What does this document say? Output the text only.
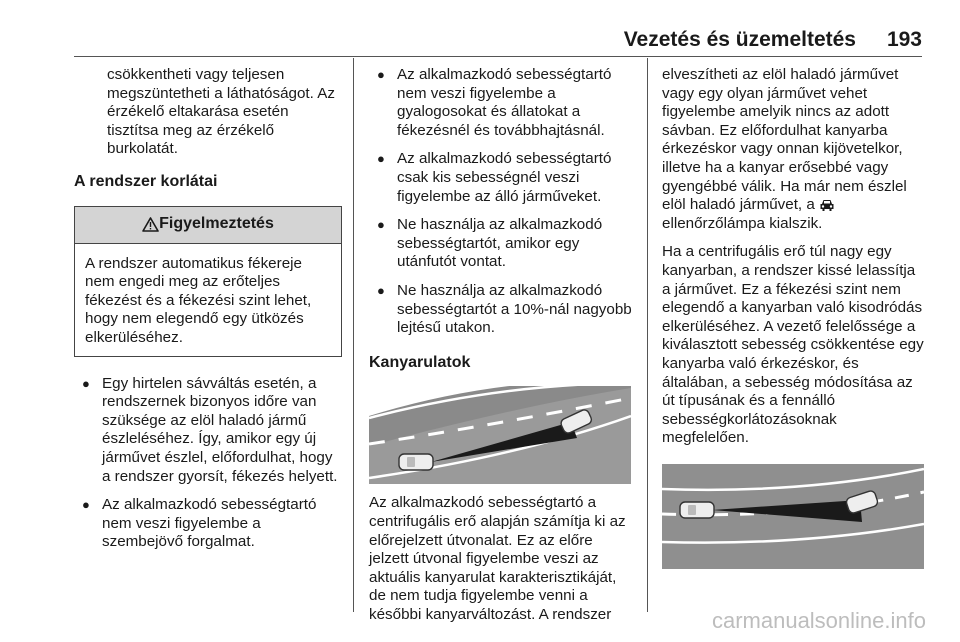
Vezetés és üzemeltetés 193

csökkentheti vagy teljesen megszüntetheti a láthatóságot. Az érzékelő eltakarása esetén tisztítsa meg az érzékelő burkolatát.

A rendszer korlátai

Figyelmeztetés
A rendszer automatikus fékereje nem engedi meg az erőteljes fékezést és a fékezési szint lehet, hogy nem elegendő egy ütközés elkerüléséhez.
● Egy hirtelen sávváltás esetén, a rendszernek bizonyos időre van szüksége az elöl haladó jármű észleléséhez. Így, amikor egy új járművet észlel, előfordulhat, hogy a rendszer gyorsít, fékezés helyett.
● Az alkalmazkodó sebességtartó nem veszi figyelembe a szembejövő forgalmat.
● Az alkalmazkodó sebességtartó nem veszi figyelembe a gyalogosokat és állatokat a fékezésnél és továbbhajtásnál.
● Az alkalmazkodó sebességtartó csak kis sebességnél veszi figyelembe az álló járműveket.
● Ne használja az alkalmazkodó sebességtartót, amikor egy utánfutót vontat.
● Ne használja az alkalmazkodó sebességtartót a 10%-nál nagyobb lejtésű utakon.

Kanyarulatok

Az alkalmazkodó sebességtartó a centrifugális erő alapján számítja ki az előrejelzett útvonalat. Ez az előre jelzett útvonal figyelembe veszi az aktuális kanyarulat karakterisztikáját, de nem tudja figyelembe venni a későbbi kanyarváltozást. A rendszer

elveszítheti az elöl haladó járművet vagy egy olyan járművet vehet figyelembe amelyik nincs az adott sávban. Ez előfordulhat kanyarba érkezéskor vagy onnan kijövetelkor, illetve ha a kanyar erősebbé vagy gyengébbé válik. Ha már nem észlel elöl haladó járművet, a  ellenőrzőlámpa kialszik.

Ha a centrifugális erő túl nagy egy kanyarban, a rendszer kissé lelassítja a járművet. Ez a fékezési szint nem elegendő a kanyarban való kisodródás elkerüléséhez. A vezető felelőssége a kiválasztott sebesség csökkentése egy kanyarba való érkezéskor, és általában, a sebesség módosítása az út típusának és a fennálló sebességkorlátozásoknak megfelelően.

carmanualsonline.info
